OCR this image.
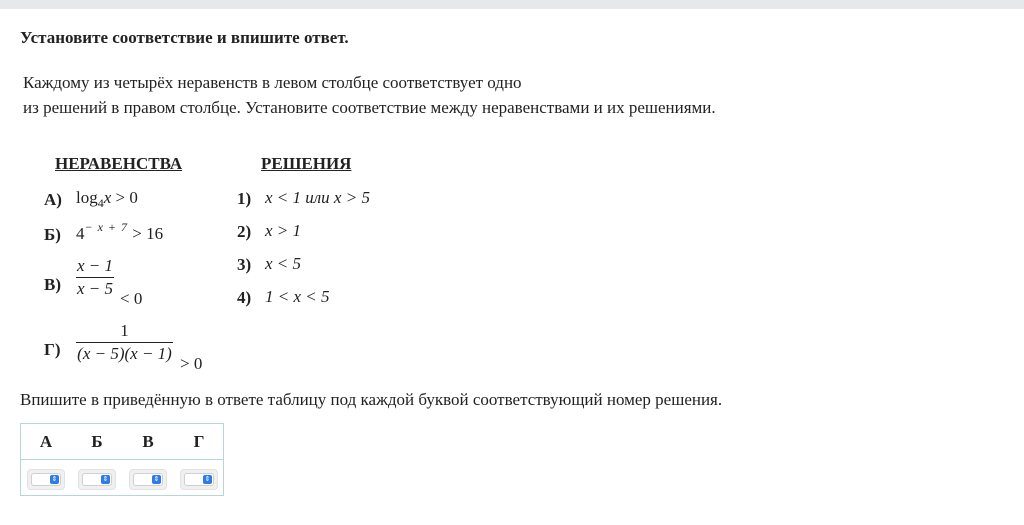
Установите соответствие и впишите ответ.
Каждому из четырёх неравенств в левом столбце соответствует одно
из решений в правом столбце. Установите соответствие между неравенствами и их решениями.
НЕРАВЕНСТВА	РЕШЕНИЯ
А) $\log_4x > 0$
Б) $4^{- x + 7} > 16$
В)
x − 1
x − 5
< 0
Г)
1
(x − 5)(x − 1)
> 0
1) x < 1 или x > 5
2) x > 1
3) x < 5
4) 1 < x < 5
Впишите в приведённую в ответе таблицу под каждой буквой соответствующий номер решения.
А	Б	В	Г
⇕	⇕	⇕	⇕
